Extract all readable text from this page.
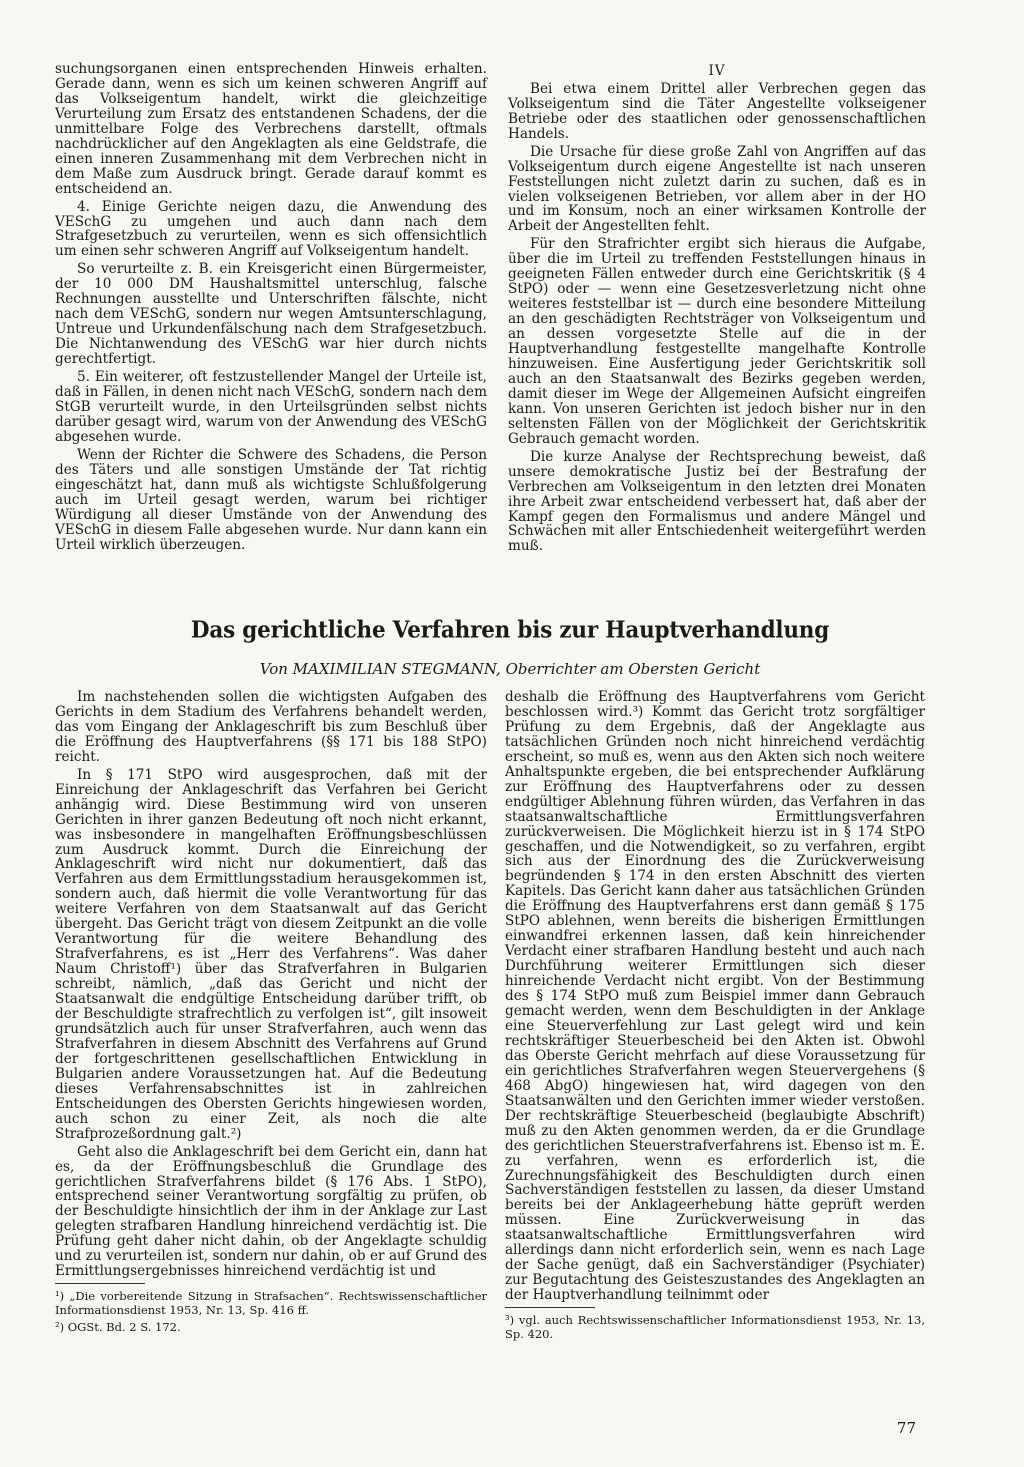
suchungsorganen einen entsprechenden Hinweis erhalten. Gerade dann, wenn es sich um keinen schweren Angriff auf das Volkseigentum handelt, wirkt die gleichzeitige Verurteilung zum Ersatz des entstandenen Schadens, der die unmittelbare Folge des Verbrechens darstellt, oftmals nachdrücklicher auf den Angeklagten als eine Geldstrafe, die einen inneren Zusammenhang mit dem Verbrechen nicht in dem Maße zum Ausdruck bringt. Gerade darauf kommt es entscheidend an.

4. Einige Gerichte neigen dazu, die Anwendung des VESchG zu umgehen und auch dann nach dem Strafgesetzbuch zu verurteilen, wenn es sich offensichtlich um einen sehr schweren Angriff auf Volkseigentum handelt.

So verurteilte z. B. ein Kreisgericht einen Bürgermeister, der 10 000 DM Haushaltsmittel unterschlug, falsche Rechnungen ausstellte und Unterschriften fälschte, nicht nach dem VESchG, sondern nur wegen Amtsunterschlagung, Untreue und Urkundenfälschung nach dem Strafgesetzbuch. Die Nichtanwendung des VESchG war hier durch nichts gerechtfertigt.

5. Ein weiterer, oft festzustellender Mangel der Urteile ist, daß in Fällen, in denen nicht nach VESchG, sondern nach dem StGB verurteilt wurde, in den Urteilsgründen selbst nichts darüber gesagt wird, warum von der Anwendung des VESchG abgesehen wurde.

Wenn der Richter die Schwere des Schadens, die Person des Täters und alle sonstigen Umstände der Tat richtig eingeschätzt hat, dann muß als wichtigste Schlußfolgerung auch im Urteil gesagt werden, warum bei richtiger Würdigung all dieser Umstände von der Anwendung des VESchG in diesem Falle abgesehen wurde. Nur dann kann ein Urteil wirklich überzeugen.

IV

Bei etwa einem Drittel aller Verbrechen gegen das Volkseigentum sind die Täter Angestellte volkseigener Betriebe oder des staatlichen oder genossenschaftlichen Handels.

Die Ursache für diese große Zahl von Angriffen auf das Volkseigentum durch eigene Angestellte ist nach unseren Feststellungen nicht zuletzt darin zu suchen, daß es in vielen volkseigenen Betrieben, vor allem aber in der HO und im Konsum, noch an einer wirksamen Kontrolle der Arbeit der Angestellten fehlt.

Für den Strafrichter ergibt sich hieraus die Aufgabe, über die im Urteil zu treffenden Feststellungen hinaus in geeigneten Fällen entweder durch eine Gerichtskritik (§ 4 StPO) oder — wenn eine Gesetzesverletzung nicht ohne weiteres feststellbar ist — durch eine besondere Mitteilung an den geschädigten Rechtsträger von Volkseigentum und an dessen vorgesetzte Stelle auf die in der Hauptverhandlung festgestellte mangelhafte Kontrolle hinzuweisen. Eine Ausfertigung jeder Gerichtskritik soll auch an den Staatsanwalt des Bezirks gegeben werden, damit dieser im Wege der Allgemeinen Aufsicht eingreifen kann. Von unseren Gerichten ist jedoch bisher nur in den seltensten Fällen von der Möglichkeit der Gerichtskritik Gebrauch gemacht worden.

Die kurze Analyse der Rechtsprechung beweist, daß unsere demokratische Justiz bei der Bestrafung der Verbrechen am Volkseigentum in den letzten drei Monaten ihre Arbeit zwar entscheidend verbessert hat, daß aber der Kampf gegen den Formalismus und andere Mängel und Schwächen mit aller Entschiedenheit weitergeführt werden muß.

Das gerichtliche Verfahren bis zur Hauptverhandlung
Von MAXIMILIAN STEGMANN, Oberrichter am Obersten Gericht

Im nachstehenden sollen die wichtigsten Aufgaben des Gerichts in dem Stadium des Verfahrens behandelt werden, das vom Eingang der Anklageschrift bis zum Beschluß über die Eröffnung des Hauptverfahrens (§§ 171 bis 188 StPO) reicht.

In § 171 StPO wird ausgesprochen, daß mit der Einreichung der Anklageschrift das Verfahren bei Gericht anhängig wird. Diese Bestimmung wird von unseren Gerichten in ihrer ganzen Bedeutung oft noch nicht erkannt, was insbesondere in mangelhaften Eröffnungsbeschlüssen zum Ausdruck kommt. Durch die Einreichung der Anklageschrift wird nicht nur dokumentiert, daß das Verfahren aus dem Ermittlungsstadium herausgekommen ist, sondern auch, daß hiermit die volle Verantwortung für das weitere Verfahren von dem Staatsanwalt auf das Gericht übergeht. Das Gericht trägt von diesem Zeitpunkt an die volle Verantwortung für die weitere Behandlung des Strafverfahrens, es ist „Herr des Verfahrens“. Was daher Naum Christoff¹) über das Strafverfahren in Bulgarien schreibt, nämlich, „daß das Gericht und nicht der Staatsanwalt die endgültige Entscheidung darüber trifft, ob der Beschuldigte strafrechtlich zu verfolgen ist“, gilt insoweit grundsätzlich auch für unser Strafverfahren, auch wenn das Strafverfahren in diesem Abschnitt des Verfahrens auf Grund der fortgeschrittenen gesellschaftlichen Entwicklung in Bulgarien andere Voraussetzungen hat. Auf die Bedeutung dieses Verfahrensabschnittes ist in zahlreichen Entscheidungen des Obersten Gerichts hingewiesen worden, auch schon zu einer Zeit, als noch die alte Strafprozeßordnung galt.²)

Geht also die Anklageschrift bei dem Gericht ein, dann hat es, da der Eröffnungsbeschluß die Grundlage des gerichtlichen Strafverfahrens bildet (§ 176 Abs. 1 StPO), entsprechend seiner Verantwortung sorgfältig zu prüfen, ob der Beschuldigte hinsichtlich der ihm in der Anklage zur Last gelegten strafbaren Handlung hinreichend verdächtig ist. Die Prüfung geht daher nicht dahin, ob der Angeklagte schuldig und zu verurteilen ist, sondern nur dahin, ob er auf Grund des Ermittlungsergebnisses hinreichend verdächtig ist und

¹) „Die vorbereitende Sitzung in Strafsachen“. Rechtswissenschaftlicher Informationsdienst 1953, Nr. 13, Sp. 416 ff.

²) OGSt. Bd. 2 S. 172.

deshalb die Eröffnung des Hauptverfahrens vom Gericht beschlossen wird.³) Kommt das Gericht trotz sorgfältiger Prüfung zu dem Ergebnis, daß der Angeklagte aus tatsächlichen Gründen noch nicht hinreichend verdächtig erscheint, so muß es, wenn aus den Akten sich noch weitere Anhaltspunkte ergeben, die bei entsprechender Aufklärung zur Eröffnung des Hauptverfahrens oder zu dessen endgültiger Ablehnung führen würden, das Verfahren in das staatsanwaltschaftliche Ermittlungsverfahren zurückverweisen. Die Möglichkeit hierzu ist in § 174 StPO geschaffen, und die Notwendigkeit, so zu verfahren, ergibt sich aus der Einordnung des die Zurückverweisung begründenden § 174 in den ersten Abschnitt des vierten Kapitels. Das Gericht kann daher aus tatsächlichen Gründen die Eröffnung des Hauptverfahrens erst dann gemäß § 175 StPO ablehnen, wenn bereits die bisherigen Ermittlungen einwandfrei erkennen lassen, daß kein hinreichender Verdacht einer strafbaren Handlung besteht und auch nach Durchführung weiterer Ermittlungen sich dieser hinreichende Verdacht nicht ergibt. Von der Bestimmung des § 174 StPO muß zum Beispiel immer dann Gebrauch gemacht werden, wenn dem Beschuldigten in der Anklage eine Steuerverfehlung zur Last gelegt wird und kein rechtskräftiger Steuerbescheid bei den Akten ist. Obwohl das Oberste Gericht mehrfach auf diese Voraussetzung für ein gerichtliches Strafverfahren wegen Steuervergehens (§ 468 AbgO) hingewiesen hat, wird dagegen von den Staatsanwälten und den Gerichten immer wieder verstoßen. Der rechtskräftige Steuerbescheid (beglaubigte Abschrift) muß zu den Akten genommen werden, da er die Grundlage des gerichtlichen Steuerstrafverfahrens ist. Ebenso ist m. E. zu verfahren, wenn es erforderlich ist, die Zurechnungsfähigkeit des Beschuldigten durch einen Sachverständigen feststellen zu lassen, da dieser Umstand bereits bei der Anklageerhebung hätte geprüft werden müssen. Eine Zurückverweisung in das staatsanwaltschaftliche Ermittlungsverfahren wird allerdings dann nicht erforderlich sein, wenn es nach Lage der Sache genügt, daß ein Sachverständiger (Psychiater) zur Begutachtung des Geisteszustandes des Angeklagten an der Hauptverhandlung teilnimmt oder

³) vgl. auch Rechtswissenschaftlicher Informationsdienst 1953, Nr. 13, Sp. 420.

77
